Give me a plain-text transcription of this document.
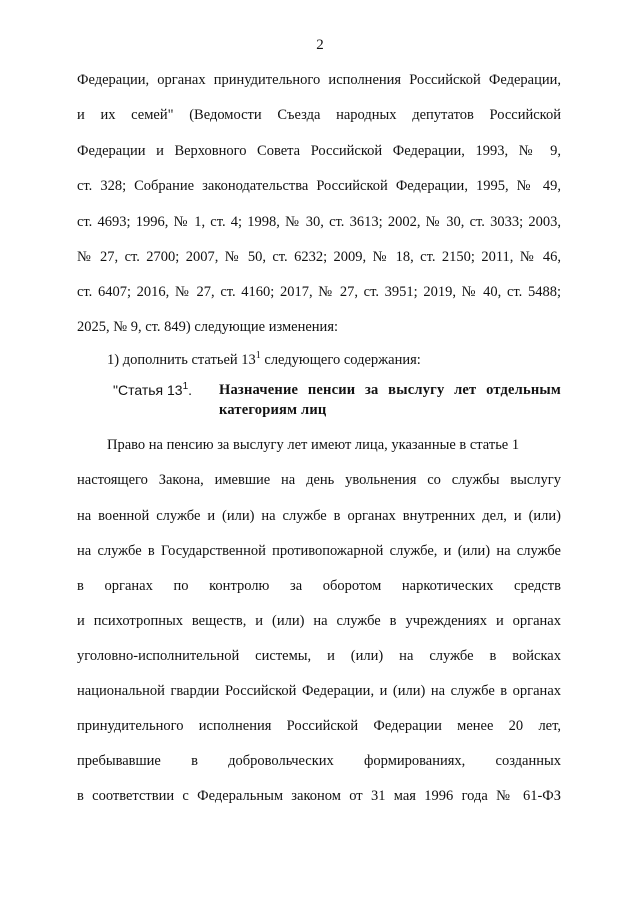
2
Федерации, органах принудительного исполнения Российской Федерации,
и их семей" (Ведомости Съезда народных депутатов Российской
Федерации и Верховного Совета Российской Федерации, 1993, № 9,
ст. 328; Собрание законодательства Российской Федерации, 1995, № 49,
ст. 4693; 1996, № 1, ст. 4; 1998, № 30, ст. 3613; 2002, № 30, ст. 3033; 2003,
№ 27, ст. 2700; 2007, № 50, ст. 6232; 2009, № 18, ст. 2150; 2011, № 46,
ст. 6407; 2016, № 27, ст. 4160; 2017, № 27, ст. 3951; 2019, № 40, ст. 5488;
2025, № 9, ст. 849) следующие изменения:
1) дополнить статьей $13^1$ следующего содержания:
"Статья $13^1$. Назначение пенсии за выслугу лет отдельным
категориям лиц
Право на пенсию за выслугу лет имеют лица, указанные в статье 1
настоящего Закона, имевшие на день увольнения со службы выслугу
на военной службе и (или) на службе в органах внутренних дел, и (или)
на службе в Государственной противопожарной службе, и (или) на службе
в органах по контролю за оборотом наркотических средств
и психотропных веществ, и (или) на службе в учреждениях и органах
уголовно-исполнительной системы, и (или) на службе в войсках
национальной гвардии Российской Федерации, и (или) на службе в органах
принудительного исполнения Российской Федерации менее 20 лет,
пребывавшие в добровольческих формированиях, созданных
в соответствии с Федеральным законом от 31 мая 1996 года № 61-ФЗ
